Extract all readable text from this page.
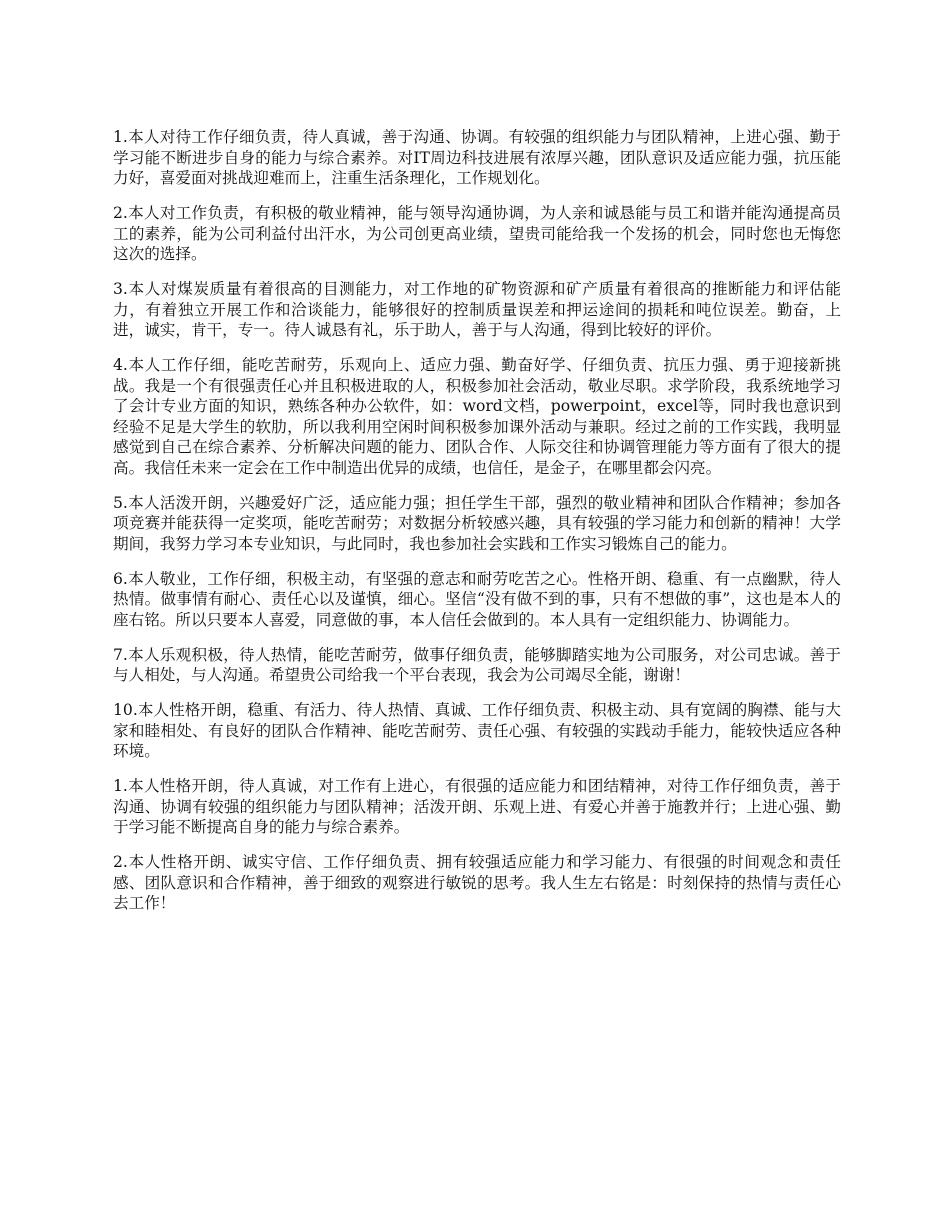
1.本人对待工作仔细负责，待人真诚，善于沟通、协调。有较强的组织能力与团队精神，上进心强、勤于学习能不断进步自身的能力与综合素养。对IT周边科技进展有浓厚兴趣，团队意识及适应能力强，抗压能力好，喜爱面对挑战迎难而上，注重生活条理化，工作规划化。

2.本人对工作负责，有积极的敬业精神，能与领导沟通协调，为人亲和诚恳能与员工和谐并能沟通提高员工的素养，能为公司利益付出汗水，为公司创更高业绩，望贵司能给我一个发扬的机会，同时您也无悔您这次的选择。

3.本人对煤炭质量有着很高的目测能力，对工作地的矿物资源和矿产质量有着很高的推断能力和评估能力，有着独立开展工作和洽谈能力，能够很好的控制质量误差和押运途间的损耗和吨位误差。勤奋，上进，诚实，肯干，专一。待人诚恳有礼，乐于助人，善于与人沟通，得到比较好的评价。

4.本人工作仔细，能吃苦耐劳，乐观向上、适应力强、勤奋好学、仔细负责、抗压力强、勇于迎接新挑战。我是一个有很强责任心并且积极进取的人，积极参加社会活动，敬业尽职。求学阶段，我系统地学习了会计专业方面的知识，熟练各种办公软件，如：word文档，powerpoint，excel等，同时我也意识到经验不足是大学生的软肋，所以我利用空闲时间积极参加课外活动与兼职。经过之前的工作实践，我明显感觉到自己在综合素养、分析解决问题的能力、团队合作、人际交往和协调管理能力等方面有了很大的提高。我信任未来一定会在工作中制造出优异的成绩，也信任，是金子，在哪里都会闪亮。

5.本人活泼开朗，兴趣爱好广泛，适应能力强；担任学生干部，强烈的敬业精神和团队合作精神；参加各项竞赛并能获得一定奖项，能吃苦耐劳；对数据分析较感兴趣，具有较强的学习能力和创新的精神！大学期间，我努力学习本专业知识，与此同时，我也参加社会实践和工作实习锻炼自己的能力。

6.本人敬业，工作仔细，积极主动，有坚强的意志和耐劳吃苦之心。性格开朗、稳重、有一点幽默，待人热情。做事情有耐心、责任心以及谨慎，细心。坚信“没有做不到的事，只有不想做的事”，这也是本人的座右铭。所以只要本人喜爱，同意做的事，本人信任会做到的。本人具有一定组织能力、协调能力。

7.本人乐观积极，待人热情，能吃苦耐劳，做事仔细负责，能够脚踏实地为公司服务，对公司忠诚。善于与人相处，与人沟通。希望贵公司给我一个平台表现，我会为公司竭尽全能，谢谢！

10.本人性格开朗，稳重、有活力、待人热情、真诚、工作仔细负责、积极主动、具有宽阔的胸襟、能与大家和睦相处、有良好的团队合作精神、能吃苦耐劳、责任心强、有较强的实践动手能力，能较快适应各种环境。

1.本人性格开朗，待人真诚，对工作有上进心，有很强的适应能力和团结精神，对待工作仔细负责，善于沟通、协调有较强的组织能力与团队精神；活泼开朗、乐观上进、有爱心并善于施教并行；上进心强、勤于学习能不断提高自身的能力与综合素养。

2.本人性格开朗、诚实守信、工作仔细负责、拥有较强适应能力和学习能力、有很强的时间观念和责任感、团队意识和合作精神，善于细致的观察进行敏锐的思考。我人生左右铭是：时刻保持的热情与责任心去工作！
